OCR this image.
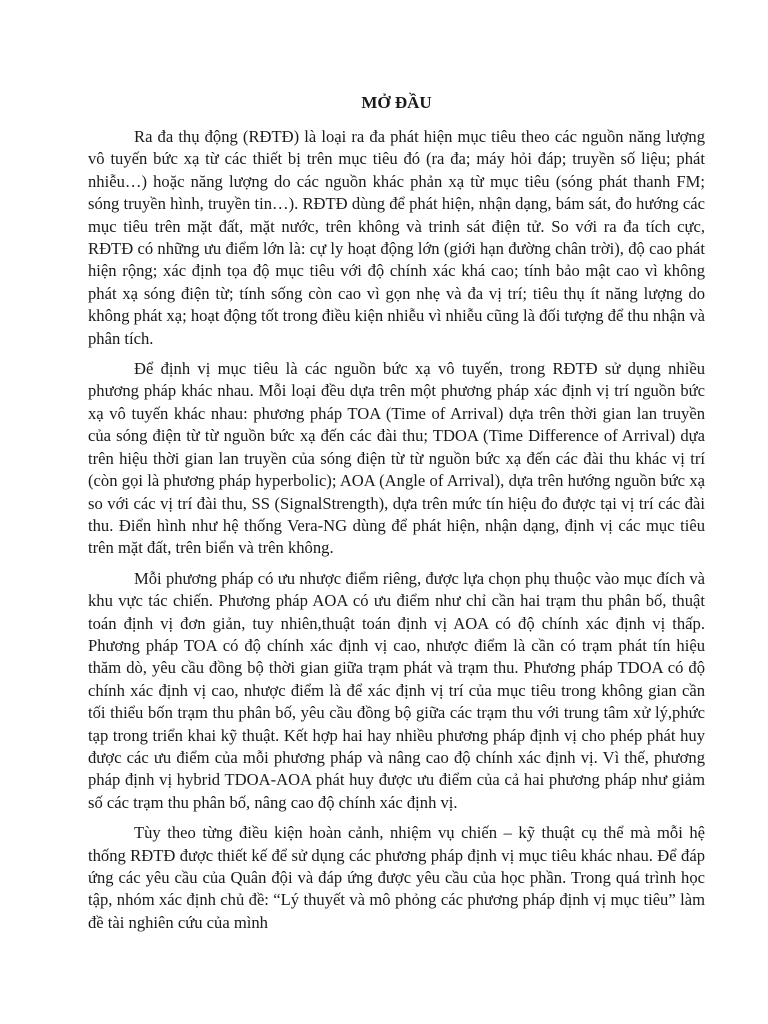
MỞ ĐẦU

Ra đa thụ động (RĐTĐ) là loại ra đa phát hiện mục tiêu theo các nguồn năng lượng vô tuyến bức xạ từ các thiết bị trên mục tiêu đó (ra đa; máy hỏi đáp; truyền số liệu; phát nhiễu…) hoặc năng lượng do các nguồn khác phản xạ từ mục tiêu (sóng phát thanh FM; sóng truyền hình, truyền tin…). RĐTĐ dùng để phát hiện, nhận dạng, bám sát, đo hướng các mục tiêu trên mặt đất, mặt nước, trên không và trinh sát điện tử. So với ra đa tích cực, RĐTĐ có những ưu điểm lớn là: cự ly hoạt động lớn (giới hạn đường chân trời), độ cao phát hiện rộng; xác định tọa độ mục tiêu với độ chính xác khá cao; tính bảo mật cao vì không phát xạ sóng điện từ; tính sống còn cao vì gọn nhẹ và đa vị trí; tiêu thụ ít năng lượng do không phát xạ; hoạt động tốt trong điều kiện nhiễu vì nhiễu cũng là đối tượng để thu nhận và phân tích.

Để định vị mục tiêu là các nguồn bức xạ vô tuyến, trong RĐTĐ sử dụng nhiều phương pháp khác nhau. Mỗi loại đều dựa trên một phương pháp xác định vị trí nguồn bức xạ vô tuyến khác nhau: phương pháp TOA (Time of Arrival) dựa trên thời gian lan truyền của sóng điện từ từ nguồn bức xạ đến các đài thu; TDOA (Time Difference of Arrival) dựa trên hiệu thời gian lan truyền của sóng điện từ từ nguồn bức xạ đến các đài thu khác vị trí (còn gọi là phương pháp hyperbolic); AOA (Angle of Arrival), dựa trên hướng nguồn bức xạ so với các vị trí đài thu, SS (SignalStrength), dựa trên mức tín hiệu đo được tại vị trí các đài thu. Điển hình như hệ thống Vera-NG dùng để phát hiện, nhận dạng, định vị các mục tiêu trên mặt đất, trên biển và trên không.

Mỗi phương pháp có ưu nhược điểm riêng, được lựa chọn phụ thuộc vào mục đích và khu vực tác chiến. Phương pháp AOA có ưu điểm như chỉ cần hai trạm thu phân bố, thuật toán định vị đơn giản, tuy nhiên,thuật toán định vị AOA có độ chính xác định vị thấp. Phương pháp TOA có độ chính xác định vị cao, nhược điểm là cần có trạm phát tín hiệu thăm dò, yêu cầu đồng bộ thời gian giữa trạm phát và trạm thu. Phương pháp TDOA có độ chính xác định vị cao, nhược điểm là để xác định vị trí của mục tiêu trong không gian cần tối thiểu bốn trạm thu phân bố, yêu cầu đồng bộ giữa các trạm thu với trung tâm xử lý,phức tạp trong triển khai kỹ thuật. Kết hợp hai hay nhiều phương pháp định vị cho phép phát huy được các ưu điểm của mỗi phương pháp và nâng cao độ chính xác định vị. Vì thế, phương pháp định vị hybrid TDOA-AOA phát huy được ưu điểm của cả hai phương pháp như giảm số các trạm thu phân bố, nâng cao độ chính xác định vị.

Tùy theo từng điều kiện hoàn cảnh, nhiệm vụ chiến – kỹ thuật cụ thể mà mỗi hệ thống RĐTĐ được thiết kế để sử dụng các phương pháp định vị mục tiêu khác nhau. Để đáp ứng các yêu cầu của Quân đội và đáp ứng được yêu cầu của học phần. Trong quá trình học tập, nhóm xác định chủ đề: “Lý thuyết và mô phỏng các phương pháp định vị mục tiêu” làm đề tài nghiên cứu của mình
